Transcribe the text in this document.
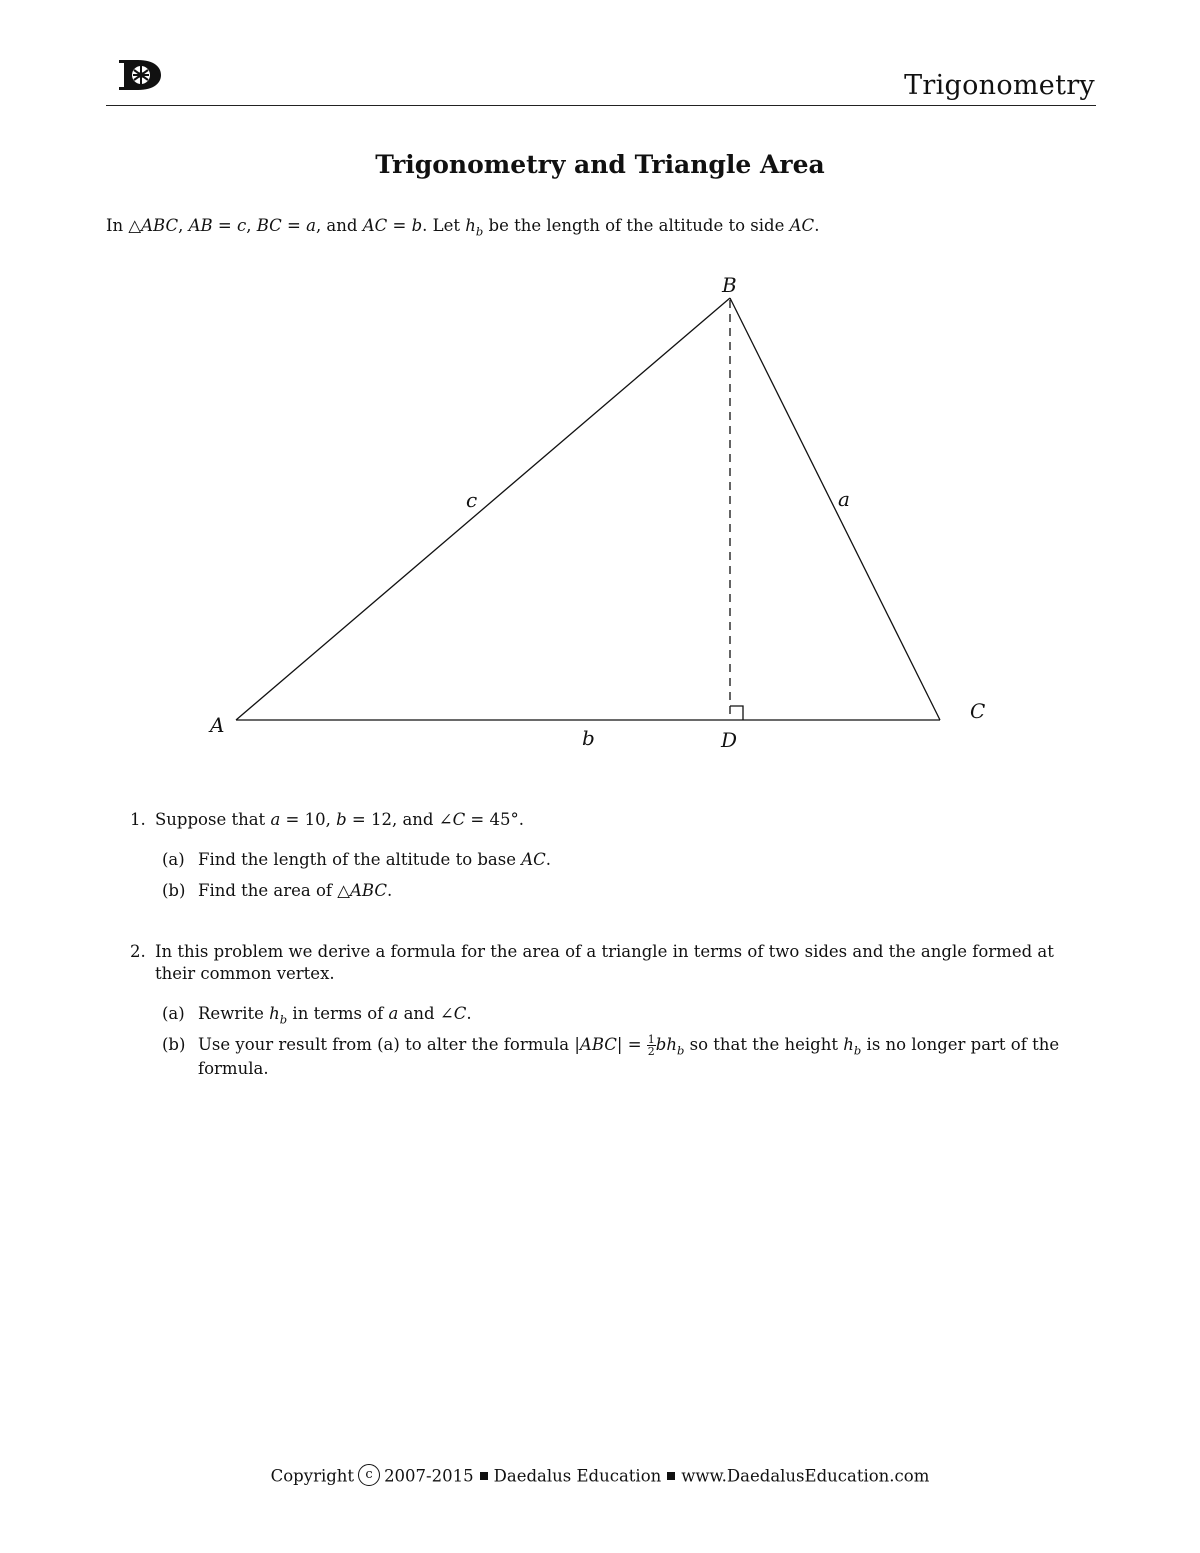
Trigonometry
Trigonometry and Triangle Area
In △ABC, AB = c, BC = a, and AC = b. Let $h_b$ be the length of the altitude to side AC.
B
A
C
D
b
c	a
1. Suppose that a = 10, b = 12, and ∠C = 45°.
(a) Find the length of the altitude to base AC.
(b) Find the area of △ABC.
2. In this problem we derive a formula for the area of a triangle in terms of two sides and the angle formed at
their common vertex.
(a) Rewrite $h_b$ in terms of a and ∠C.
(b) Use your result from (a) to alter the formula $|ABC| = \frac{1}{2} bh_b$ so that the height $h_b$ is no longer part of the
formula.
Copyright c 2007-2015 Daedalus Education www.DaedalusEducation.com
